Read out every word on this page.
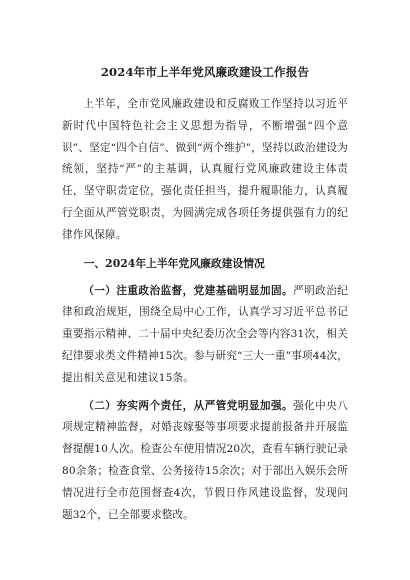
2024年市上半年党风廉政建设工作报告

上半年，全市党风廉政建设和反腐败工作坚持以习近平新时代中国特色社会主义思想为指导，不断增强“四个意识”、坚定“四个自信”、做到“两个维护”，坚持以政治建设为统领，坚持“严”的主基调，认真履行党风廉政建设主体责任，坚守职责定位，强化责任担当，提升履职能力，认真履行全面从严管党职责，为圆满完成各项任务提供强有力的纪律作风保障。

一、2024年上半年党风廉政建设情况

（一）注重政治监督，党建基础明显加固。严明政治纪律和政治规矩，围绕全局中心工作，认真学习习近平总书记重要指示精神、二十届中央纪委历次全会等内容31次，相关纪律要求类文件精神15次。参与研究“三大一重”事项44次，提出相关意见和建议15条。

（二）夯实两个责任，从严管党明显加强。强化中央八项规定精神监督，对婚丧嫁娶等事项要求提前报备并开展监督提醒10人次。检查公车使用情况20次，查看车辆行驶记录80余条；检查食堂、公务接待15余次；对于部出入娱乐会所情况进行全市范围督查4次，节假日作风建设监督，发现问题32个，已全部要求整改。
